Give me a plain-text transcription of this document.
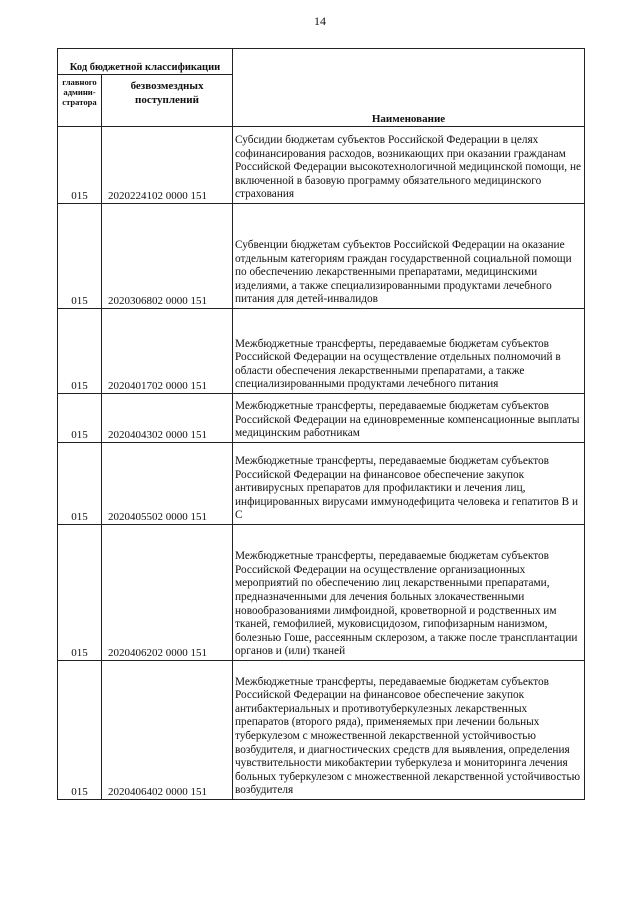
14
Код бюджетной классификации		Наименование
главного админи-стратора	безвозмездных поступлений	
015	2020224102 0000 151	Субсидии бюджетам субъектов Российской Федерации в целях софинансирования расходов, возникающих при оказании гражданам Российской Федерации высокотехнологичной медицинской помощи, не включенной в базовую программу обязательного медицинского страхования
015	2020306802 0000 151	Субвенции бюджетам субъектов Российской Федерации на оказание отдельным категориям граждан государственной социальной помощи по обеспечению лекарственными препаратами, медицинскими изделиями, а также специализированными продуктами лечебного питания для детей-инвалидов
015	2020401702 0000 151	Межбюджетные трансферты, передаваемые бюджетам субъектов Российской Федерации на осуществление отдельных полномочий в области обеспечения лекарственными препаратами, а также специализированными продуктами лечебного питания
015	2020404302 0000 151	Межбюджетные трансферты, передаваемые бюджетам субъектов Российской Федерации на единовременные компенсационные выплаты медицинским работникам
015	2020405502 0000 151	Межбюджетные трансферты, передаваемые бюджетам субъектов Российской Федерации на финансовое обеспечение закупок антивирусных препаратов для профилактики и лечения лиц, инфицированных вирусами иммунодефицита человека и гепатитов B и C
015	2020406202 0000 151	Межбюджетные трансферты, передаваемые бюджетам субъектов Российской Федерации на осуществление организационных мероприятий по обеспечению лиц лекарственными препаратами, предназначенными для лечения больных злокачественными новообразованиями лимфоидной, кроветворной и родственных им тканей, гемофилией, муковисцидозом, гипофизарным нанизмом, болезнью Гоше, рассеянным склерозом, а также после трансплантации органов и (или) тканей
015	2020406402 0000 151	Межбюджетные трансферты, передаваемые бюджетам субъектов Российской Федерации на финансовое обеспечение закупок антибактериальных и противотуберкулезных лекарственных препаратов (второго ряда), применяемых при лечении больных туберкулезом с множественной лекарственной устойчивостью возбудителя, и диагностических средств для выявления, определения чувствительности микобактерии туберкулеза и мониторинга лечения больных туберкулезом с множественной лекарственной устойчивостью возбудителя
